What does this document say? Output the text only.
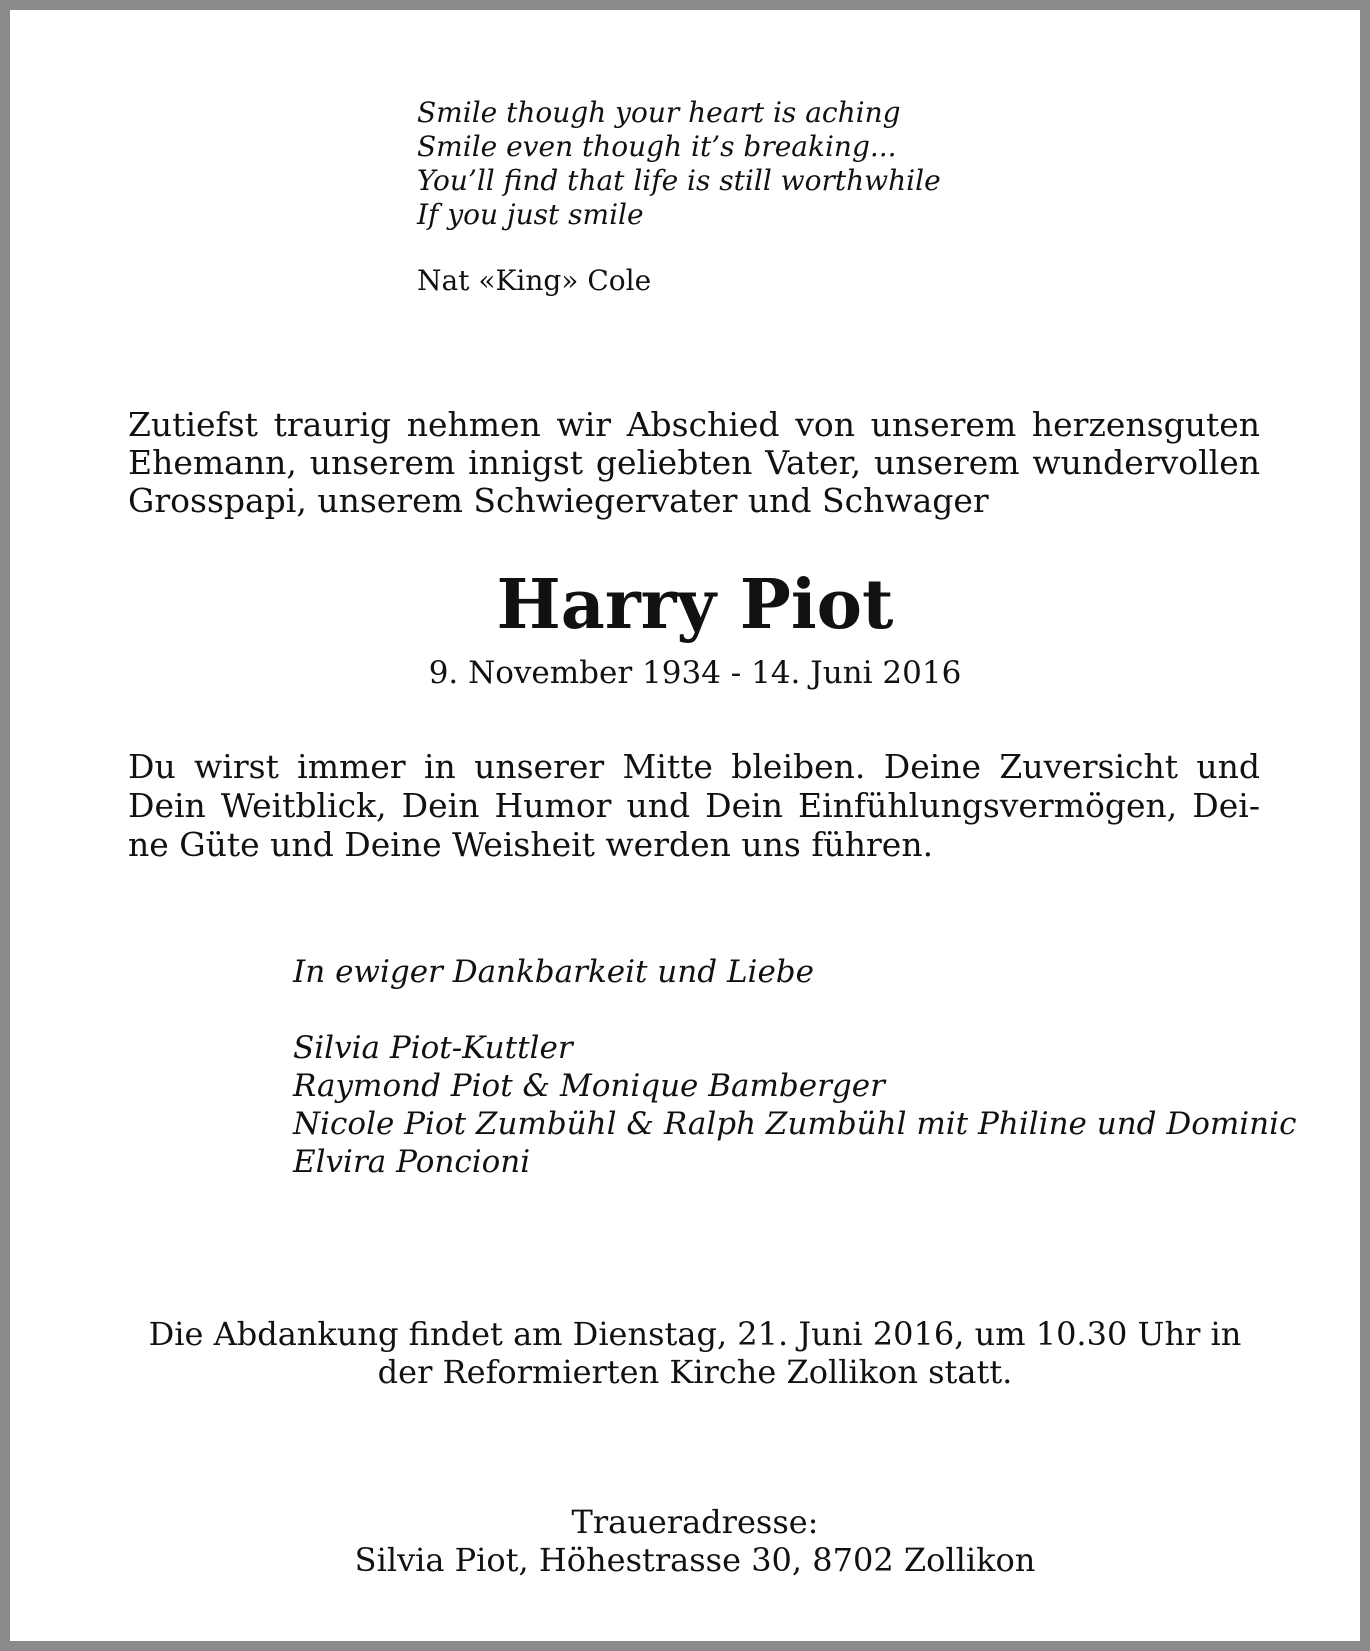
Smile though your heart is aching
Smile even though it’s breaking...
You’ll find that life is still worthwhile
If you just smile
Nat «King» Cole
Zutiefst traurig nehmen wir Abschied von unserem herzensguten
Ehemann, unserem innigst geliebten Vater, unserem wundervollen
Grosspapi, unserem Schwiegervater und Schwager
Harry Piot
9. November 1934 - 14. Juni 2016
Du wirst immer in unserer Mitte bleiben. Deine Zuversicht und
Dein Weitblick, Dein Humor und Dein Einfühlungsvermögen, Dei-
ne Güte und Deine Weisheit werden uns führen.
In ewiger Dankbarkeit und Liebe
Silvia Piot-Kuttler
Raymond Piot & Monique Bamberger
Nicole Piot Zumbühl & Ralph Zumbühl mit Philine und Dominic
Elvira Poncioni
Die Abdankung findet am Dienstag, 21. Juni 2016, um 10.30 Uhr in
der Reformierten Kirche Zollikon statt.
Traueradresse:
Silvia Piot, Höhestrasse 30, 8702 Zollikon
